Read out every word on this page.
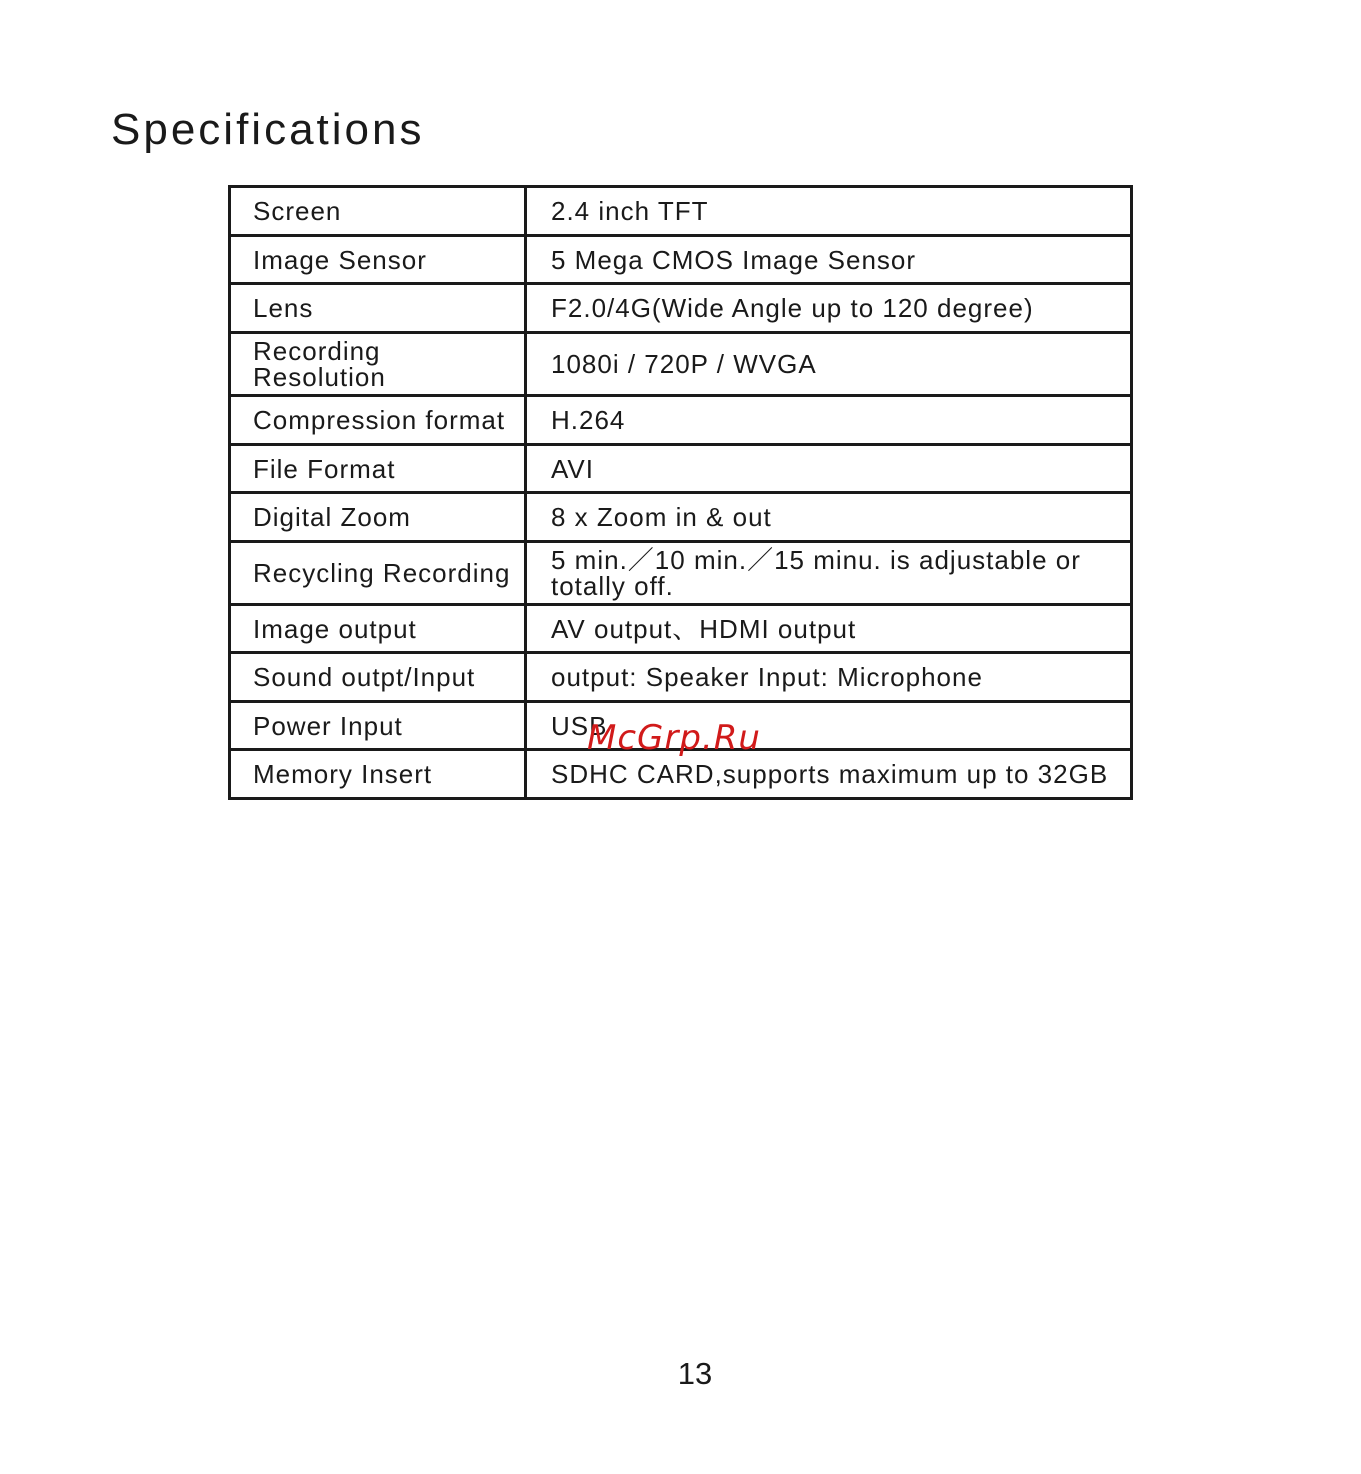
Specifications
Screen	2.4 inch TFT
Image Sensor	5 Mega CMOS Image Sensor
Lens	F2.0/4G(Wide Angle up to 120 degree)
Recording
Resolution	1080i / 720P / WVGA
Compression format	H.264
File Format	AVI
Digital Zoom	8 x Zoom in & out
Recycling Recording	5 min.／10 min.／15 minu. is adjustable or
totally off.
Image output	AV output、HDMI output
Sound outpt/Input	output: Speaker Input: Microphone
Power Input	USB
Memory Insert	SDHC CARD,supports maximum up to 32GB
McGrp.Ru
13
